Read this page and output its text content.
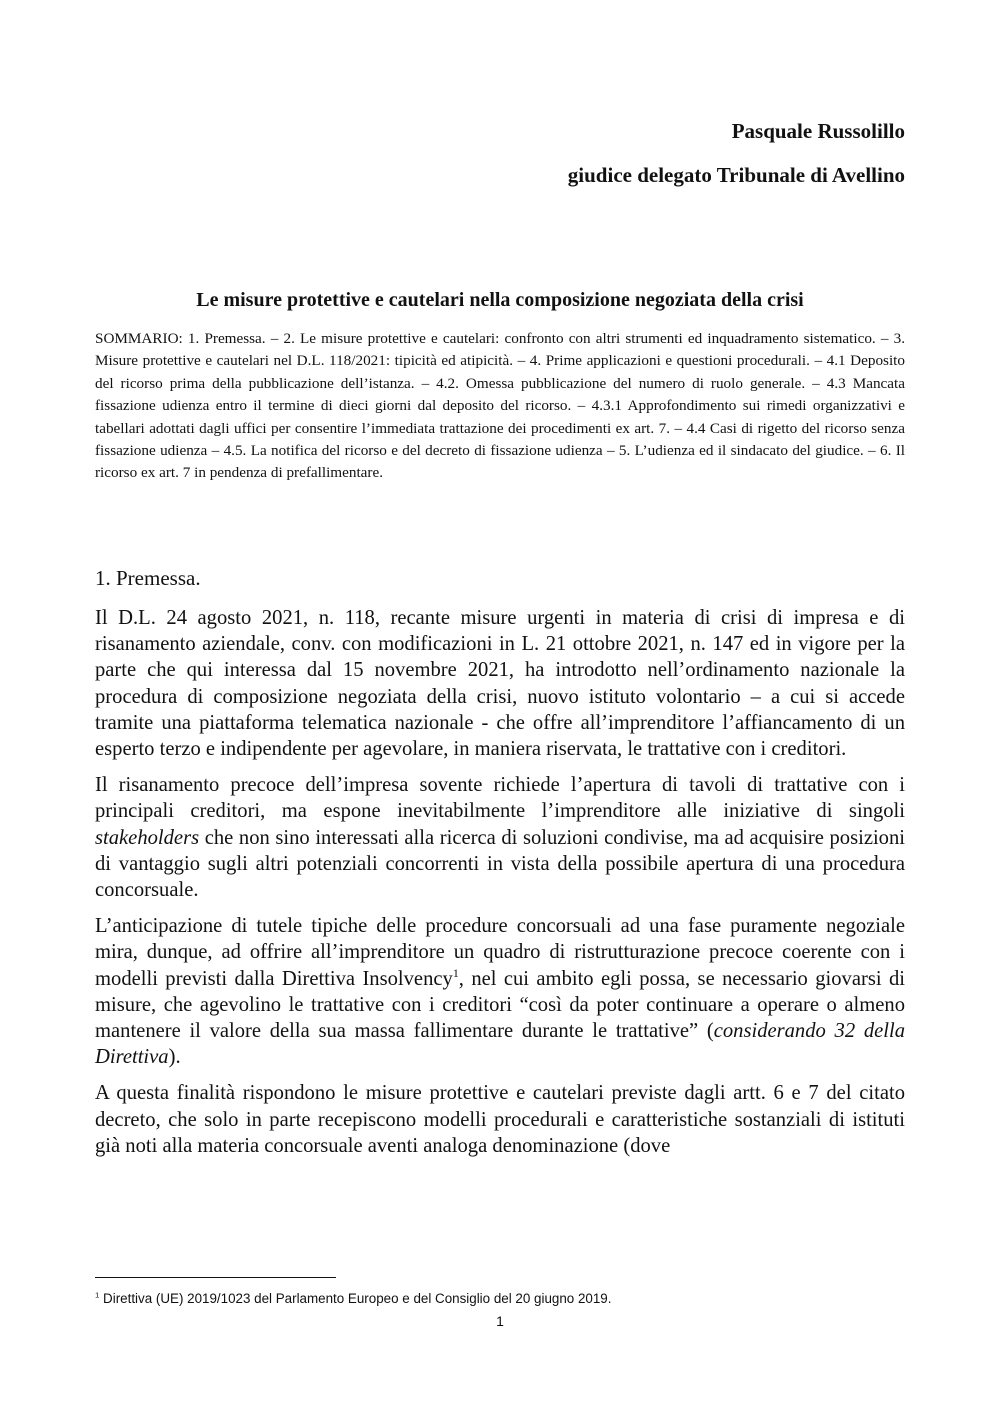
Pasquale Russolillo
giudice delegato Tribunale di Avellino
Le misure protettive e cautelari nella composizione negoziata della crisi
SOMMARIO: 1. Premessa. – 2. Le misure protettive e cautelari: confronto con altri strumenti ed inquadramento sistematico. – 3. Misure protettive e cautelari nel D.L. 118/2021: tipicità ed atipicità. – 4. Prime applicazioni e questioni procedurali. – 4.1 Deposito del ricorso prima della pubblicazione dell’istanza. – 4.2. Omessa pubblicazione del numero di ruolo generale. – 4.3 Mancata fissazione udienza entro il termine di dieci giorni dal deposito del ricorso. – 4.3.1 Approfondimento sui rimedi organizzativi e tabellari adottati dagli uffici per consentire l’immediata trattazione dei procedimenti ex art. 7. – 4.4 Casi di rigetto del ricorso senza fissazione udienza – 4.5. La notifica del ricorso e del decreto di fissazione udienza – 5. L’udienza ed il sindacato del giudice. – 6. Il ricorso ex art. 7 in pendenza di prefallimentare.
1. Premessa.

Il D.L. 24 agosto 2021, n. 118, recante misure urgenti in materia di crisi di impresa e di risanamento aziendale, conv. con modificazioni in L. 21 ottobre 2021, n. 147 ed in vigore per la parte che qui interessa dal 15 novembre 2021, ha introdotto nell’ordinamento nazionale la procedura di composizione negoziata della crisi, nuovo istituto volontario – a cui si accede tramite una piattaforma telematica nazionale - che offre all’imprenditore l’affiancamento di un esperto terzo e indipendente per agevolare, in maniera riservata, le trattative con i creditori.

Il risanamento precoce dell’impresa sovente richiede l’apertura di tavoli di trattative con i principali creditori, ma espone inevitabilmente l’imprenditore alle iniziative di singoli stakeholders che non sino interessati alla ricerca di soluzioni condivise, ma ad acquisire posizioni di vantaggio sugli altri potenziali concorrenti in vista della possibile apertura di una procedura concorsuale.

L’anticipazione di tutele tipiche delle procedure concorsuali ad una fase puramente negoziale mira, dunque, ad offrire all’imprenditore un quadro di ristrutturazione precoce coerente con i modelli previsti dalla Direttiva Insolvency$^1$, nel cui ambito egli possa, se necessario giovarsi di misure, che agevolino le trattative con i creditori “così da poter continuare a operare o almeno mantenere il valore della sua massa fallimentare durante le trattative” (considerando 32 della Direttiva).

A questa finalità rispondono le misure protettive e cautelari previste dagli artt. 6 e 7 del citato decreto, che solo in parte recepiscono modelli procedurali e caratteristiche sostanziali di istituti già noti alla materia concorsuale aventi analoga denominazione (dove

$^1$ Direttiva (UE) 2019/1023 del Parlamento Europeo e del Consiglio del 20 giugno 2019.
1
